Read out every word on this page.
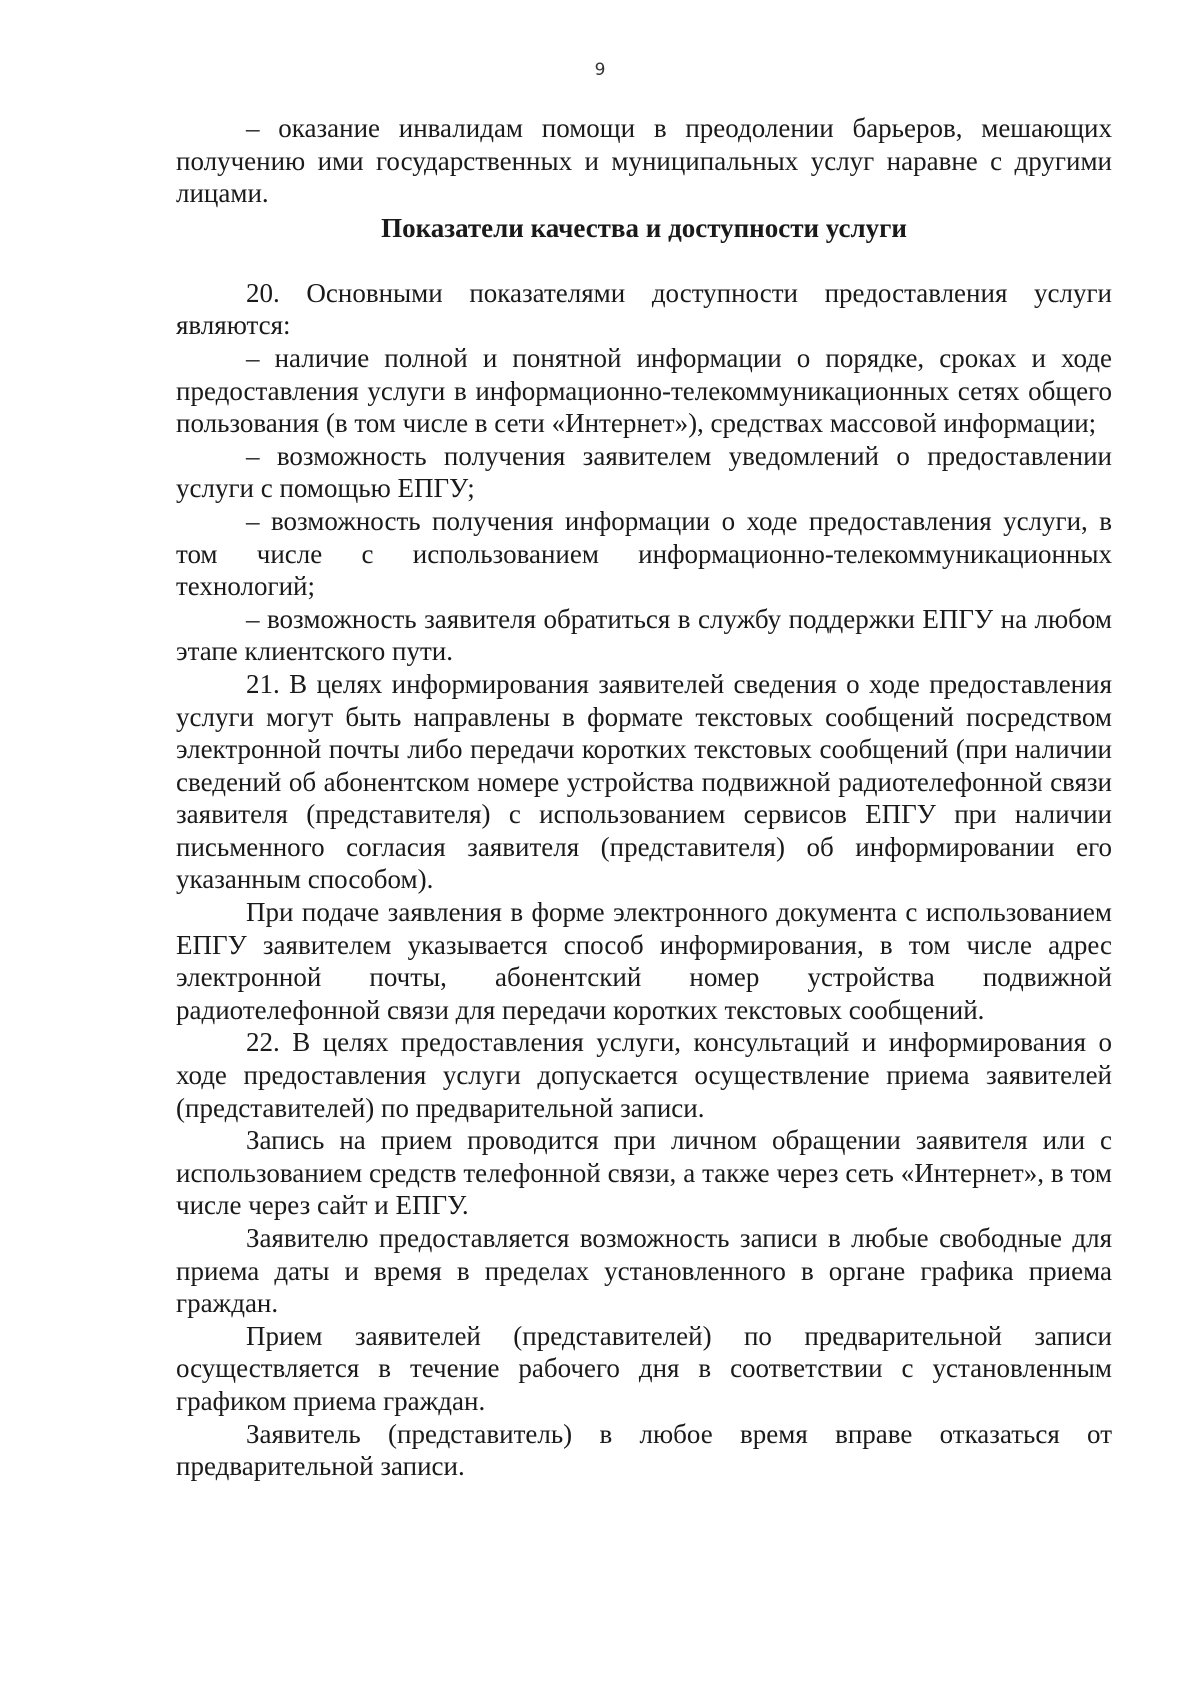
9

– оказание инвалидам помощи в преодолении барьеров, мешающих получению ими государственных и муниципальных услуг наравне с другими лицами.

Показатели качества и доступности услуги

20. Основными показателями доступности предоставления услуги являются:

– наличие полной и понятной информации о порядке, сроках и ходе предоставления услуги в информационно-телекоммуникационных сетях общего пользования (в том числе в сети «Интернет»), средствах массовой информации;

– возможность получения заявителем уведомлений о предоставлении услуги с помощью ЕПГУ;

– возможность получения информации о ходе предоставления услуги, в том числе с использованием информационно-телекоммуникационных технологий;

– возможность заявителя обратиться в службу поддержки ЕПГУ на любом этапе клиентского пути.

21. В целях информирования заявителей сведения о ходе предоставления услуги могут быть направлены в формате текстовых сообщений посредством электронной почты либо передачи коротких текстовых сообщений (при наличии сведений об абонентском номере устройства подвижной радиотелефонной связи заявителя (представителя) с использованием сервисов ЕПГУ при наличии письменного согласия заявителя (представителя) об информировании его указанным способом).

При подаче заявления в форме электронного документа с использованием ЕПГУ заявителем указывается способ информирования, в том числе адрес электронной почты, абонентский номер устройства подвижной радиотелефонной связи для передачи коротких текстовых сообщений.

22. В целях предоставления услуги, консультаций и информирования о ходе предоставления услуги допускается осуществление приема заявителей (представителей) по предварительной записи.

Запись на прием проводится при личном обращении заявителя или с использованием средств телефонной связи, а также через сеть «Интернет», в том числе через сайт и ЕПГУ.

Заявителю предоставляется возможность записи в любые свободные для приема даты и время в пределах установленного в органе графика приема граждан.

Прием заявителей (представителей) по предварительной записи осуществляется в течение рабочего дня в соответствии с установленным графиком приема граждан.

Заявитель (представитель) в любое время вправе отказаться от предварительной записи.
